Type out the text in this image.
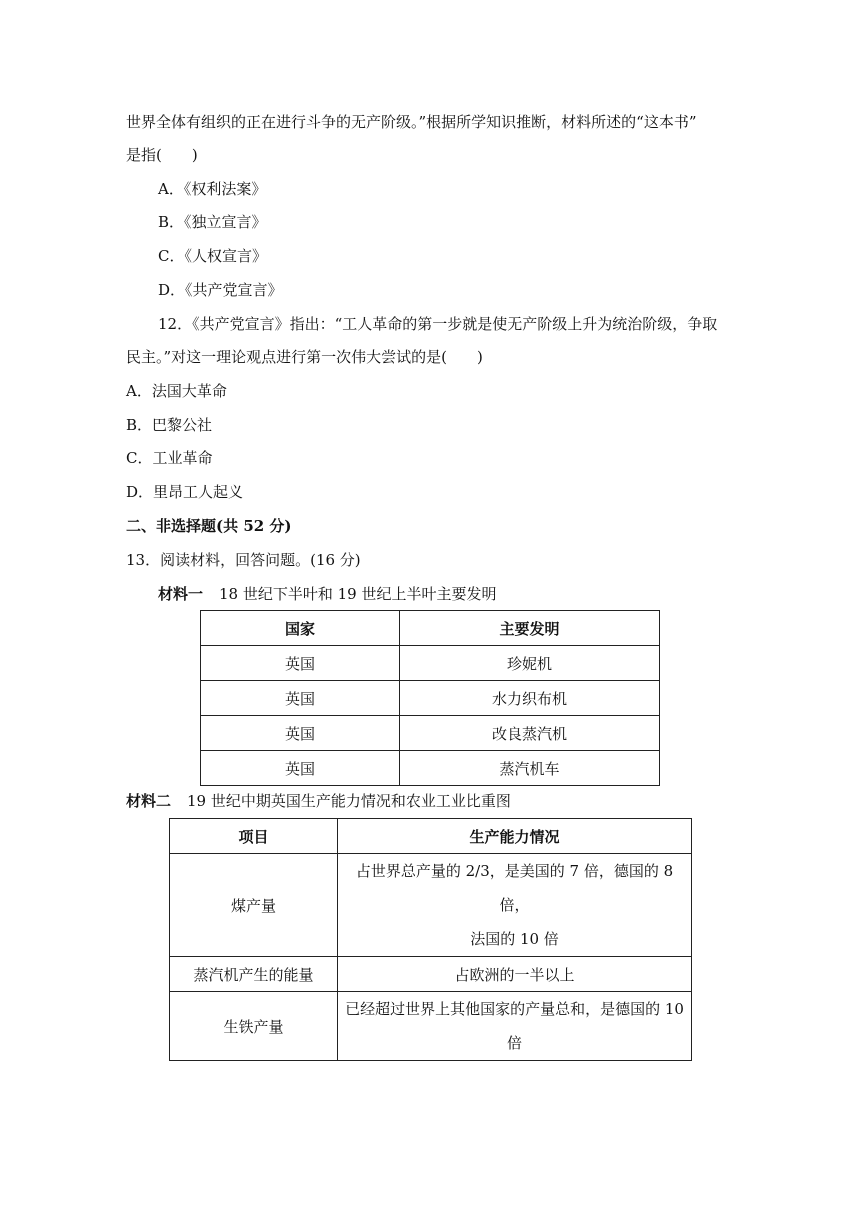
世界全体有组织的正在进行斗争的无产阶级。”根据所学知识推断，材料所述的“这本书”
是指(　　)
A．《权利法案》
B．《独立宣言》
C．《人权宣言》
D．《共产党宣言》
12．《共产党宣言》指出：“工人革命的第一步就是使无产阶级上升为统治阶级，争取
民主。”对这一理论观点进行第一次伟大尝试的是(　　)
A．法国大革命
B．巴黎公社
C．工业革命
D．里昂工人起义
二、非选择题(共 52 分)
13．阅读材料，回答问题。(16 分)
材料一 18 世纪下半叶和 19 世纪上半叶主要发明
国家	主要发明
英国	珍妮机
英国	水力织布机
英国	改良蒸汽机
英国	蒸汽机车
材料二 19 世纪中期英国生产能力情况和农业工业比重图
项目	生产能力情况
煤产量	占世界总产量的 2/3，是美国的 7 倍，德国的 8 倍，
法国的 10 倍

蒸汽机产生的能量	占欧洲的一半以上
生铁产量	已经超过世界上其他国家的产量总和，是德国的 10
倍
